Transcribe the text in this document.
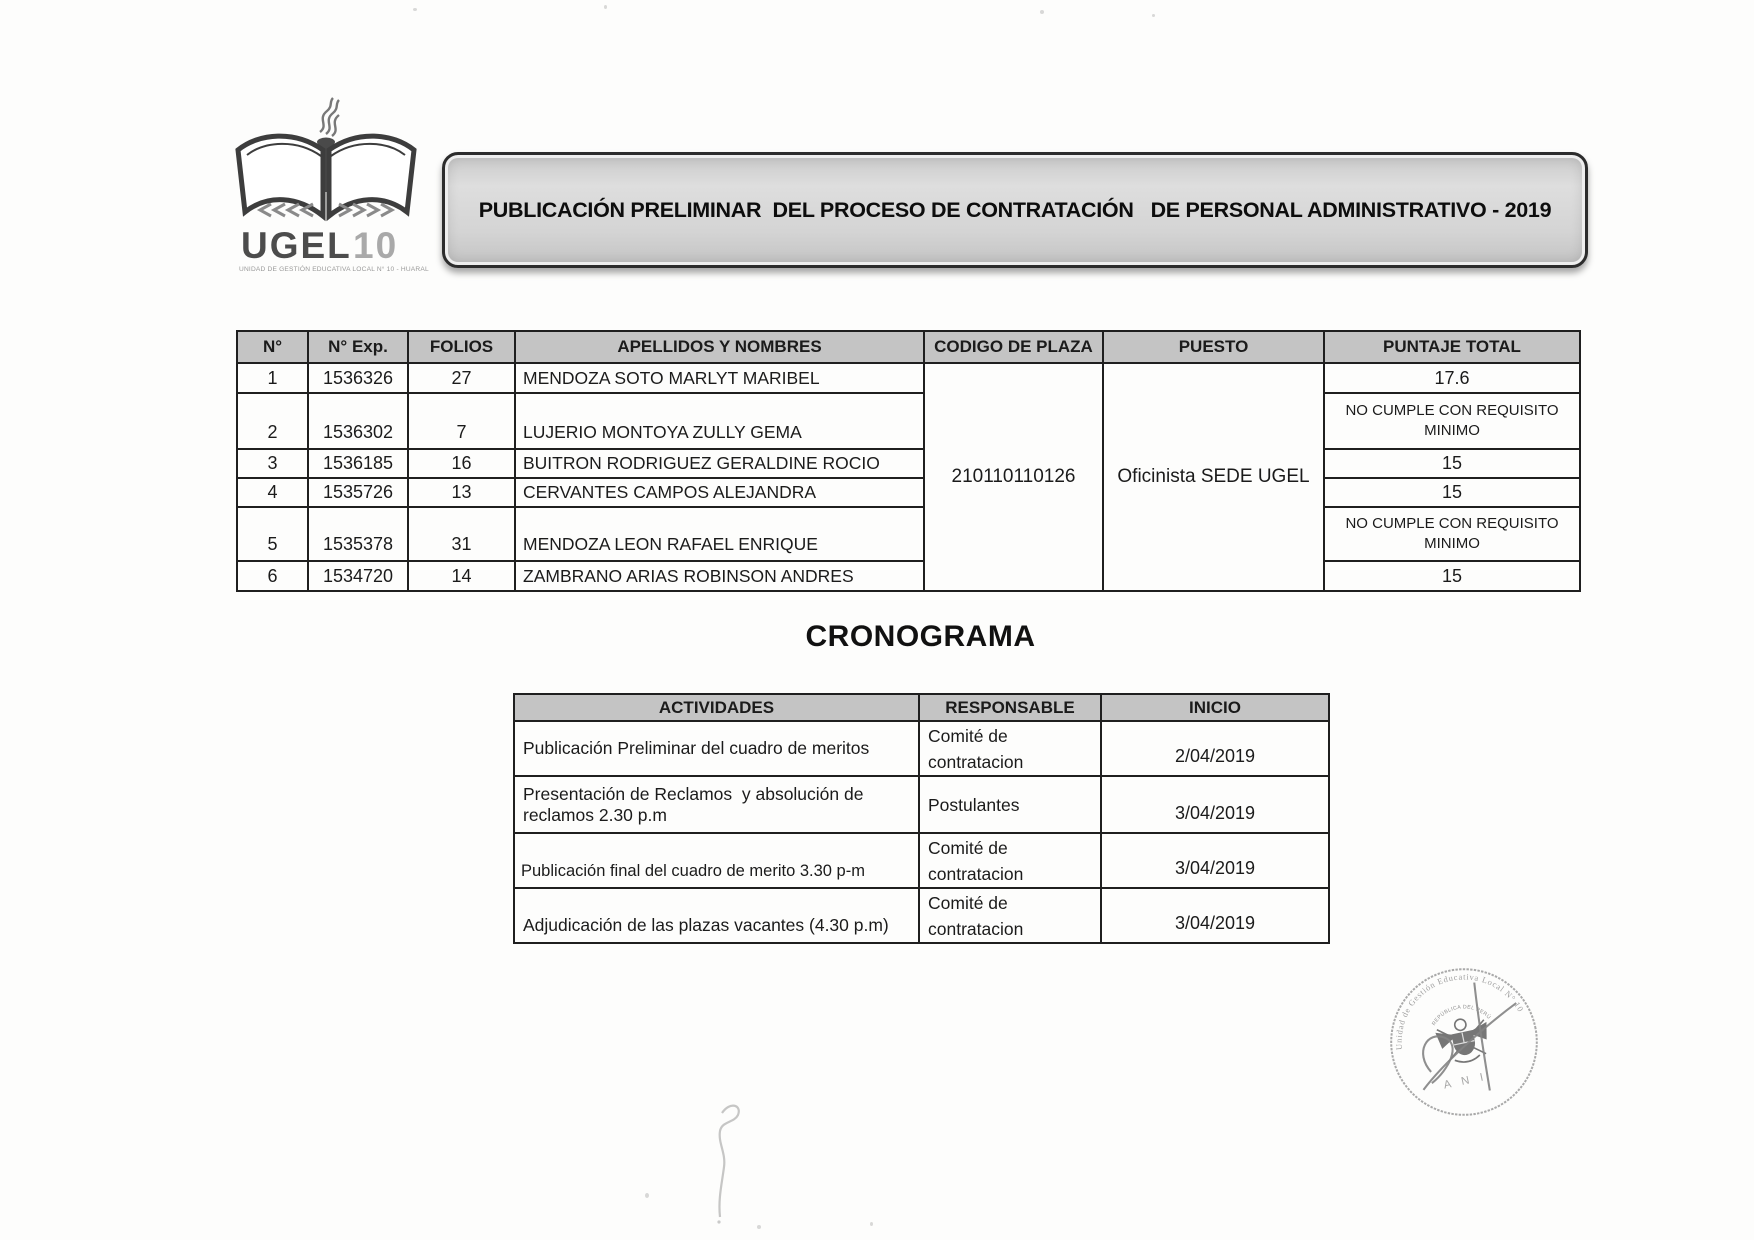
UGEL 10
UNIDAD DE GESTIÓN EDUCATIVA LOCAL N° 10 - HUARAL
PUBLICACIÓN PRELIMINAR  DEL PROCESO DE CONTRATACIÓN   DE PERSONAL ADMINISTRATIVO - 2019
N°	N° Exp.	FOLIOS	APELLIDOS Y NOMBRES	CODIGO DE PLAZA	PUESTO	PUNTAJE TOTAL
1	1536326	27	MENDOZA SOTO MARLYT MARIBEL	210110110126	Oficinista SEDE UGEL	17.6
2	1536302	7	LUJERIO MONTOYA ZULLY GEMA			NO CUMPLE CON REQUISITO MINIMO
3	1536185	16	BUITRON RODRIGUEZ GERALDINE ROCIO			15
4	1535726	13	CERVANTES CAMPOS ALEJANDRA			15
5	1535378	31	MENDOZA LEON RAFAEL ENRIQUE			NO CUMPLE CON REQUISITO MINIMO
6	1534720	14	ZAMBRANO ARIAS ROBINSON ANDRES			15
CRONOGRAMA
ACTIVIDADES	RESPONSABLE	INICIO
Publicación Preliminar del cuadro de meritos	Comité de contratacion	2/04/2019
Presentación de Reclamos  y absolución de reclamos 2.30 p.m	Postulantes	3/04/2019
Publicación final del cuadro de merito 3.30 p-m	Comité de contratacion	3/04/2019
Adjudicación de las plazas vacantes (4.30 p.m)	Comité de contratacion	3/04/2019
Unidad de Gestión Educativa Local N° 10
REPÚBLICA DEL PERÚ
A N I
